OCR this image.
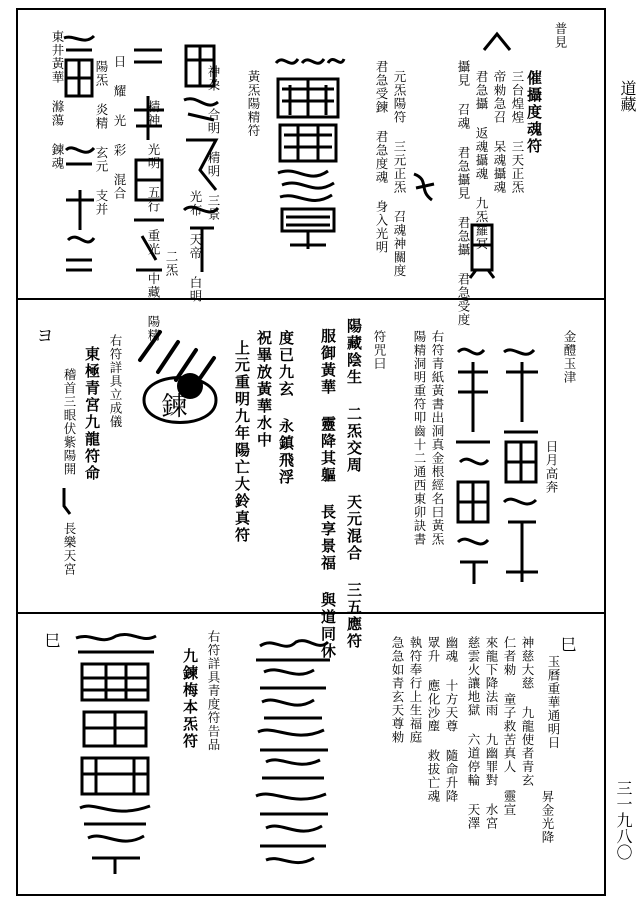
道藏
三一九八〇
普見
催攝度魂符
三台煌煌 三天正炁
帝勑急召 呆魂攝魂
君急攝 返魂攝魂 九炁羅冥
攝見 召魂 君急攝見 君急攝 君急受度
元炁陽符 三元正炁 召魂神關度
君急受鍊 君急度魂 身入光明
黃炁陽精符
神朶 合明 精明 三景
光布 天帝 白明
二炁
日 耀 光 彩 混合
陽炁 炎精 玄元 支并	精神 光明 五行 重光 中藏 陽精
東井黃華 滌蕩 鍊魂
金醴玉津
日月高奔
右符青紙黃書出洞真金根經名曰黃炁
陽精洞明重符叩齒十二通西東卯訣書
符咒曰
陽藏陰生 二炁交周 天元混合 三五應符
服御黃華 靈降其軀 長享景福 與道同休
度已九玄 永鎮飛浮
祝畢放黃華水中
上元重明九年陽亡大鈴真符
鍊
右符詳具立成儀
東極青宮九龍符命
稽首三眼伏紫陽開
長樂天宮
ヨ
巳
玉曆重華通明日
昇金光降
神慈大慈 九龍使者青玄
仁者勑 童子救苦真人 靈宣
來龍下降法雨 九幽罪對 水宮
慈雲火讓地獄 六道停輪 天澤
幽魂 十方天尊 隨命升降
眾升 應化沙塵 救拔亡魂
執符奉行上生福庭
急急如青玄天尊勑
右符詳具青度符告品
九鍊梅本炁符
巳
